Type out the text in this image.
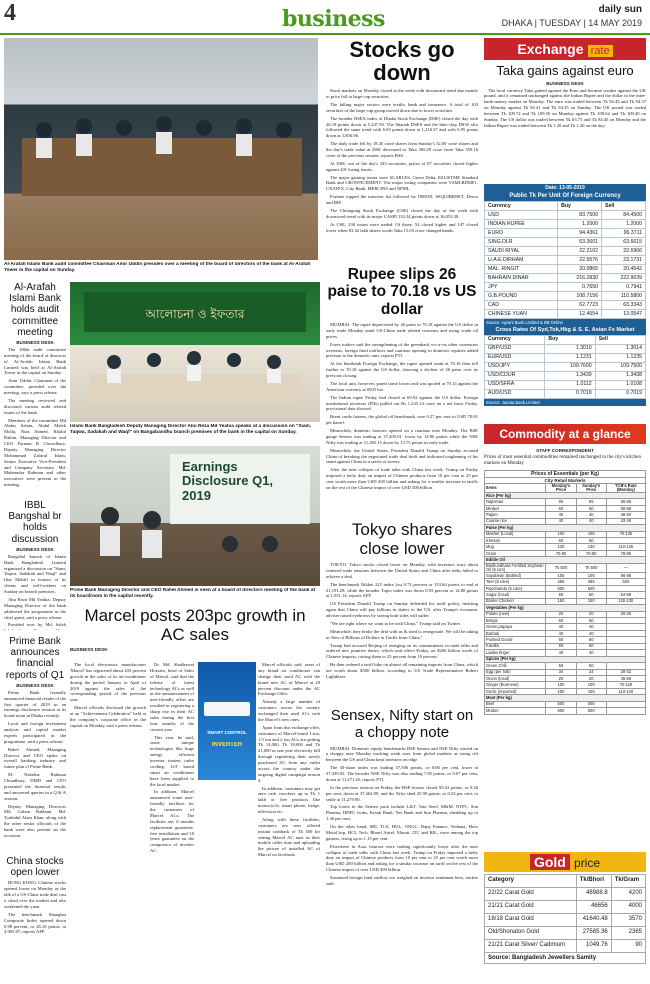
4	business	daily sun
DHAKA | TUESDAY | 14 MAY 2019
Al-Arafah Islami Bank audit committee Chairman Amir Uddin presides over a meeting of the board of directors of the bank at Al-Arafah Tower in the capital on Sunday.
Al-Arafah Islami Bank holds audit committee meeting
BUSINESS DESK

The 186th audit committee meeting of the board of directors of Al-Arafah Islami Bank Limited was held at Al-Arafah Tower in the capital on Sunday.

Amir Uddin, Chairman of the committee, presided over the meeting, says a press release.

The meeting reviewed and discussed various audit related issues of the bank.

Members of the committee Md Abdus Salam, Abdul Malek Molla, Niaz Ahmed, Khalid Rahim, Managing Director and CEO Farman R Chowdhury, Deputy Managing Director Mohammad Zahirul Islam, Senior Executive Vice-President and Company Secretary Md. Mahmudur Rahman and other executives were present in the meeting.

IBBL Bangshal br holds discussion
BUSINESS DESK

Bangshal branch of Islami Bank Bangladesh Limited organised a discussion on "Siam, Taqwa, Sadakah and Waqf" and Iftar Mahfil in honour of its clients and well-wishers on Sunday on branch premises.

Abu Reza Md Yeahia, Deputy Managing Director of the bank addressed the programme as the chief guest, said a press release.

Presided over by Md. Saleh

Prime Bank announces financial reports of Q1
BUSINESS DESK

Prime Bank formally announced financial results of the first quarter of 2019 in an earnings disclosure session at its board room in Dhaka recently.

Local and foreign investment analysts and capital market experts participated in the programme, said a press release.

Rahel Ahmed, Managing Director and CEO spoke on overall banking industry and future plan of Prime Bank.

M. Nahiduz Rahman Choudhury, DMD and CFO presented the financial results and answered queries in a Q & A session.

Deputy Managing Directors Md. Golam Rabbani, Md. Touhidul Alam Khan, along with the other senior officials of the bank were also present on the occasion.

China stocks open lower

HONG KONG: Chinese stocks opened lower on Monday as the talk of a US-China trade deal cast a cloud over the market and also weakened the yuan.

The benchmark Shanghai Composite Index opened down 0.98 percent, or 26.16 points, at 2,905.87, reports AFP.

আলোচনা ও ইফতার
Islami Bank Bangladesh Deputy Managing Director Abu Reza Md Yeahia speaks at a discussion on "Siam, Taqwa, Sadakah and Waqf" on Bangabandhu branch premises of the bank in the capital on Sunday.
Earnings Disclosure Q1, 2019
Prime Bank Managing Director and CEO Rahel Ahmed is seen at a board of directors meeting of the bank at its boardroom in the capital recently.
Marcel posts 203pc growth in AC sales
BUSINESS DESK

The local electronics manufacturer 'Marcel' has registered about 203 percent growth in the sales of its air-conditioner during the period January to April of 2019 against the sales of the corresponding period of the previous year.

Marcel officials disclosed the growth at an "Achievement Celebration" held at the company's corporate office in the capital on Monday, said a press release.

SMART CONTROL
INVERTER

Dr. Md. Shakhawat Hossain, head of Sales of Marcel, said that the release of latest technology ACs as well as the announcement of user-friendly offers are resulted in registering a sharp rise in their AC sales during the first four months of the current year.

This year, he said, some unique technologies like huge energy efficient inverter, ionizer, turbo cooling, IoT based smart air conditioner have been supplied to the local market.

In addition, Marcel announced some user-friendly facilities for the customers of Marcel ACs. The facilities are: 6 months replacement guarantee, free installation and 10 years guarantee on the compressor of inverter AC.

Marcel officials said, users of any brand air conditioner can change their used AC with the brand new AC of Marcel at 20 percent discount under the AC Exchange Offer.

Already a large number of customers across the country exchanged their used ACs with the Marcel's new ones.

Apart from this exchange offer, customers of Marcel brand 1-ton, 1.5 ton and 2 ton ACs are getting Tk 14,000, Tk 18,000 and Tk 21,000 as one year electricity bill through registering their newly purchased AC from any outlet across the country under the ongoing digital campaign season 4.

In addition, customers may get zero cash vouchers up to Tk 1 lakh or free products like motorcycle, smart phone, fridge, television etc.

Along with these facilities, customers are now offered instant cashback of Tk 300 for setting Marcel AC tune as their mobile caller tune and uploading the picture of installed AC of Marcel on facebook.

Stocks go down

Stock markets on Monday closed at the week with downward trend due mainly to price fall in large-cap securities.

The falling major sectors were textile, bank and insurance. A total of 103 securities of the large-cap group moved down due to lower activities.

The broader DSEX index of Dhaka Stock Exchange (DSE) closed the day with 26.19 points down at 5,247.93. The Shariah DSES and the blue-chip DS30 also followed the same trend with 6.65 points down at 1,216.37 and with 6.95 points down at 1,856.06.

The daily trade fell by 18.45 crore shares from Sunday's 32.69 crore shares and the day's trade value at DSE decreased to Taka 365.09 crore from Taka 359.16 crore of the previous session, reports BSS.

At DSE, out of the day's 343 securities, prices of 87 securities closed higher against 201 losing issues.

The major gaining issues were SCARLES, Green Delta, ESLISTME Standard Bank and CROWNCEMENT. The major losing companies were VAMLBDMF1, CNATEX, City Bank, MERCINS and NPML.

Fortune topped the turnover list followed by ORION, SSQUIBBNET, Desco and IBP.

The Chittagong Stock Exchange (CSE) closed the day of the week with downward trend with its major CASPI 133.54 points down at 16,053.38.

At CSE, 238 issues were traded. Of those, 54 closed higher and 147 closed lower when 83.42 lakh shares worth Taka 15.03 crore changed hands.

Rupee slips 26 paise to 70.18 vs US dollar

MUMBAI: The rupee depreciated by 26 paise to 70.18 against the US dollar in early trade Monday amid US-China trade related concerns and rising crude oil prices.

Forex traders said the strengthening of the greenback vis-a-vis other currencies overseas, foreign fund outflows and cautious opening in domestic equities added pressure to the domestic unit, reports PTI.

At the Interbank Foreign Exchange, the rupee opened weak at 70.16 then fell further to 70.18 against the US dollar, showing a decline of 26 paise over its previous closing.

The local unit, however, pared some losses and was quoted at 70.14 against the American currency at 0935 hrs.

The Indian rupee Friday had closed at 69.92 against the US dollar. Foreign institutional investors (FIIs) pulled out Rs 1,245.14 crore on a net basis Friday, provisional data showed.

Brent crude futures, the global oil benchmark, rose 0.27 per cent to USD 70.81 per barrel.

Meanwhile, domestic bourses opened on a cautious note Monday. The BSE gauge Sensex was trading at 37,405.01, lower by 14.80 points while the NSE Nifty was trading at 11,265.15 down by 13.75 points in early trade.

Meanwhile, the United States, President Donald Trump on Sunday accused China of breaking the negotiated trade deal draft and indicated toughening of his stand against China in a series of tweets.

After the near collapse of trade talks with China last week, Trump on Friday imposed a hefty duty on import of Chinese products from 10 per cent to 25 per cent worth more than USD 200 billion and asking for a similar increase in tariffs on the rest of the Chinese import of over USD 300 billion.

Tokyo shares close lower

TOKYO: Tokyo stocks closed lower on Monday, with investors wary about renewed trade tensions between the United States and China after talks failed to achieve a deal.

The benchmark Nikkei 225 index lost 0.72 percent or 153.64 points to end at 21,191.28, while the broader Topix index was down 0.93 percent or 14.80 points at 1,551.14, reports AFP.

US President Donald Trump on Sunday defended his tariff policy, insisting again that China will pay billions in duties to the US, after Trump's economic adviser raised eyebrows by saying both sides will suffer.

"We are right where we want to be with China," Trump said on Twitter.

Meanwhile, they broke the deal with us & tried to renegotiate. We will be taking in Tens of Billions of Dollars in Tariffs from China."

Trump had accused Beijing of reneging on its commitments in trade talks and ordered new punitive duties, which took effect Friday, on $200 billion worth of Chinese imports, raising them to 25 percent from 10 percent.

He then ordered a tariff hike on almost all remaining imports from China, which are worth about $300 billion, according to US Trade Representative Robert Lighthizer.

Sensex, Nifty start on a choppy note

MUMBAI: Domestic equity benchmarks BSE Sensex and NSE Nifty started on a choppy note Monday tracking weak cues from global markets as rising rift between the US and China kept investors on edge.

The 30-share index was trading 37,506 points, or 0.06 per cent, lower at 37,439.03. The broader NSE Nifty was also trading 7.85 points, or 0.07 per cent, down at 11,271.45, reports PTI.

In the previous session on Friday, the BSE bourse closed 95.02 points, or 0.26 per cent, down at 37,462.99, and the Nifty shed 25.90 points, or 0.23 per cent, to settle at 11,279.90.

Top losers in the Sensex pack include L&T, Tata Steel, M&M, NTPC, Sun Pharma, HDFC twins, Kotak Bank, Yes Bank and Sun Pharma, shedding up to 1.36 per cent.

On the other hand, SBI, TCS, HUL, ONGC, Bajaj Finance, Vedanta, Hero MotoCorp, HCL Tech, Bharti Airtel, Maruti, ITC and RIL, were among the top gainers, rising up to 1.15 per cent.

Elsewhere in Asia, bourses were trading significantly lower after the near collapse of trade talks with China last week, Trump on Friday imposed a hefty duty on import of Chinese products from 10 per cent to 25 per cent worth more than USD 200 billion and asking for a similar increase on tariff on the rest of the Chinese import of over USD 300 billion.

Sustained foreign fund outflow too weighed on investor sentiment here, traders said.

Exchange rate
Taka gains against euro
BUSINESS DESK

The local currency Taka gained against the Euro and became weaker against the UK pound, and it remained unchanged against the Indian Rupee and the dollar in the inter-bank money market on Monday. The euro was traded between Tk 94.43 and Tk 94.37 on Monday against Tk 94.41 and Tk 94.35 on Sunday. The UK pound was traded between Tk 109.72 and Tk 109.50 on Monday against Tk 109.62 and Tk 109.40 on Sunday. The US dollar was traded between Tk 83.75 and Tk 84.45 on Monday and the Indian Rupee was traded between Tk 1.20 and Tk 1.20 on the day.

Date: 13-05-2019
Public Tk Per Unit Of Foreign Currency
Currency	Buy	Sell
USD	83.7500	84.4500
INDIAN RUPEE	1.2000	1.2000
EURO	94.4361	96.3711
SING.DLR	63.3601	63.6615
SAUDI RIYAL	22.2102	22.6966
U.A.E DIRHAM	22.6576	23.1731
MAL. RINGIT	20.0865	20.4542
BAHRAIN DINAR	216.2830	222.9039
JPY	0.7650	0.7941
G.B.POUND	108.7156	110.5800
CAD	62.7723	63.3343
CHINESE YUAN	12.4554	13.0547
Source: Agrani Bank Limited & BB Online
Cross Rates Of Syd,Tok,Hkg & S. E. Asian Fx Market
Currency	Buy	Sell
GBP/USD	1.3010	1.3014
EUR/USD	1.1231	1.1235
USD/JPY	109.7600	109.7500
USD/CDUR	1.3439	1.3438
USD/SFRA	1.0112	1.0108
AUD/USD	0.7019	0.7019
Source: Janata Bank Limited
Commodity at a glance
STAFF CORRESPONDENT
Prices of most essential commodities remained unchanged in the city's kitchen markets on Monday
Prices of Essentials (per Kg)
City Retail Markets
Items	Monday's Price	Sunday's Price	TCB's Rate (Monday)
Rice (Per kg)			
Najirshail	65	65	56-58
Miniket	60	60	56-58
Pajam	40	40	48-50
Coarse rice	40	40	43-46
Pulse (Per kg)			
Masher (Local)	100	100	70-135
Khesari	60	60	
Mug	130	130	110-125
Gram	70-80	70-80	78-85
Edible Oil			
Bashundhara Fortified Soybean Oil (5 Ltrs)	Tk 500	Tk 500	—
Soyabean (Bottled)	105	105	86-88
Teer (5 Litre)	485	485	500
Rupchanda (5 Litre)	500	500	
Sugar (local)	60	60	54-58
Broiler Chicken	150	150	120-130
Vegetables (Per kg)			
Potato (new)	20	20	20-25
Brinjal	60	60	
Green papaya	40	40	
Barbati	40	40	
Pointed Gourd	60	60	
Karalla	60	60	
Ladies finger	40	40	
Spices (Per kg)			
Green Chili	50	50	
Egg (per hali)	34	34	28-32
Onion (local)	20	20	45-50
Ginger (Burmese)	100	100	70-120
Garlic (imported)	100	100	110-120
Meat (Per kg)			
Beef	500	500	
Mutton	600	600	
Gold price
Category	Tk/Bhori	Tk/Gram
22/22 Carat Gold	48988.8	4200
21/21 Carat Gold	46656	4000
18/18 Carat Gold	41640.48	3570
Old/Shonaton Gold	27585.36	2365
21/21 Carat Silver/ Cadmium	1049.76	90
Source: Bangladesh Jewellers Samity
